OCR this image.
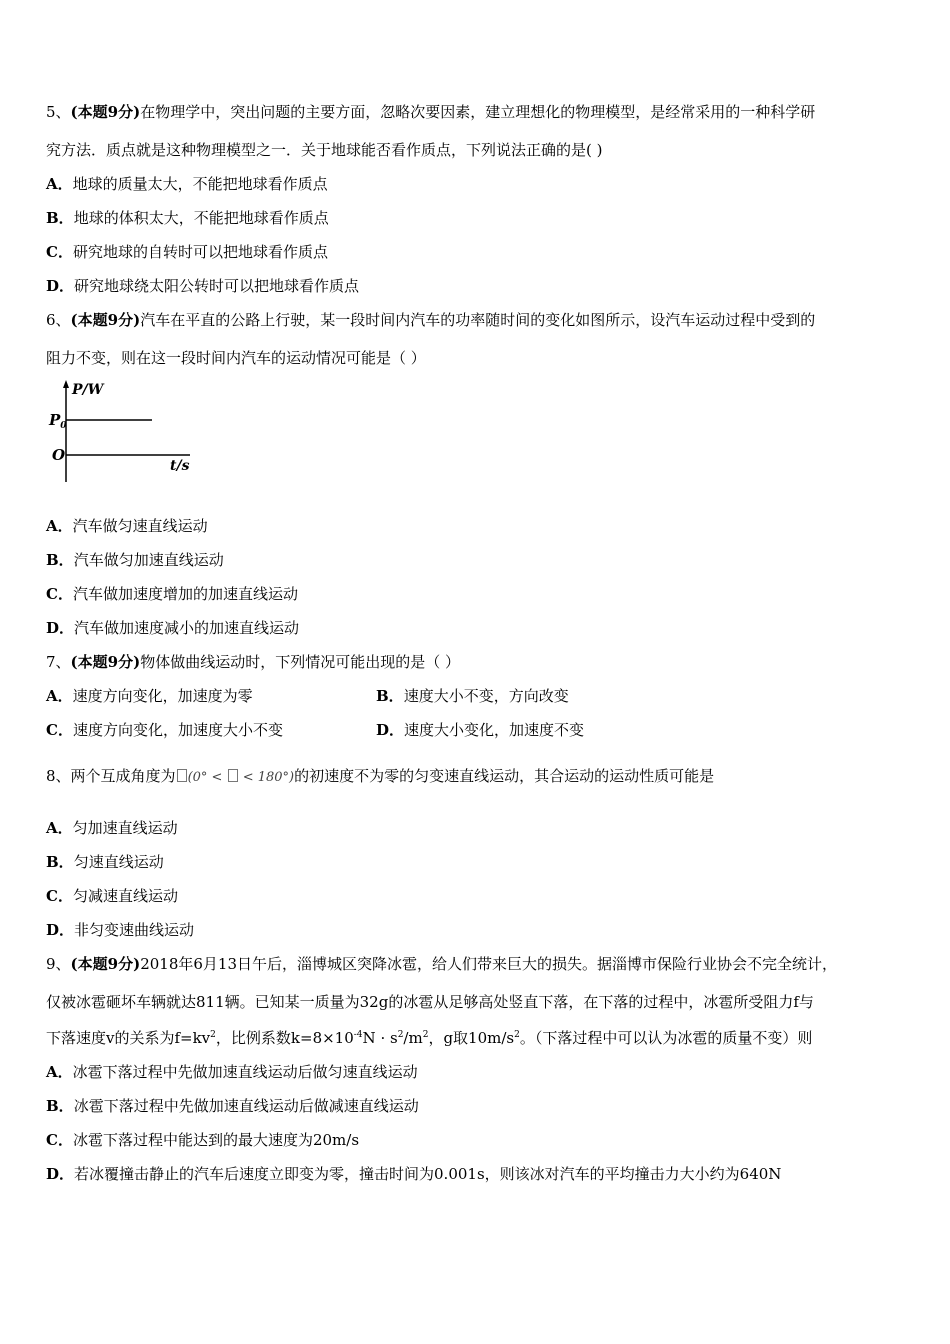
5、(本题9分)在物理学中，突出问题的主要方面，忽略次要因素，建立理想化的物理模型，是经常采用的一种科学研
究方法．质点就是这种物理模型之一．关于地球能否看作质点，下列说法正确的是( )
A．地球的质量太大，不能把地球看作质点
B．地球的体积太大，不能把地球看作质点
C．研究地球的自转时可以把地球看作质点
D．研究地球绕太阳公转时可以把地球看作质点
6、(本题9分)汽车在平直的公路上行驶，某一段时间内汽车的功率随时间的变化如图所示，设汽车运动过程中受到的
阻力不变，则在这一段时间内汽车的运动情况可能是（ ）
P/W
$P_0$
O
t/s
A．汽车做匀速直线运动
B．汽车做匀加速直线运动
C．汽车做加速度增加的加速直线运动
D．汽车做加速度减小的加速直线运动
7、(本题9分)物体做曲线运动时，下列情况可能出现的是（ ）
A．速度方向变化，加速度为零	B．速度大小不变，方向改变
C．速度方向变化，加速度大小不变	D．速度大小变化，加速度不变
8、两个互成角度为 (0° <  < 180°)的初速度不为零的匀变速直线运动，其合运动的运动性质可能是
A．匀加速直线运动
B．匀速直线运动
C．匀减速直线运动
D．非匀变速曲线运动
9、(本题9分)2018年6月13日午后，淄博城区突降冰雹，给人们带来巨大的损失。据淄博市保险行业协会不完全统计，
仅被冰雹砸坏车辆就达811辆。已知某一质量为32g的冰雹从足够高处竖直下落，在下落的过程中，冰雹所受阻力f与
下落速度v的关系为$f=kv^2$，比例系数$k=8\times 10^{-4}N \cdot s^2/m^2$，g取$10m/s^2$。（下落过程中可以认为冰雹的质量不变）则
A．冰雹下落过程中先做加速直线运动后做匀速直线运动
B．冰雹下落过程中先做加速直线运动后做减速直线运动
C．冰雹下落过程中能达到的最大速度为20m/s
D．若冰覆撞击静止的汽车后速度立即变为零，撞击时间为0.001s，则该冰对汽车的平均撞击力大小约为640N
